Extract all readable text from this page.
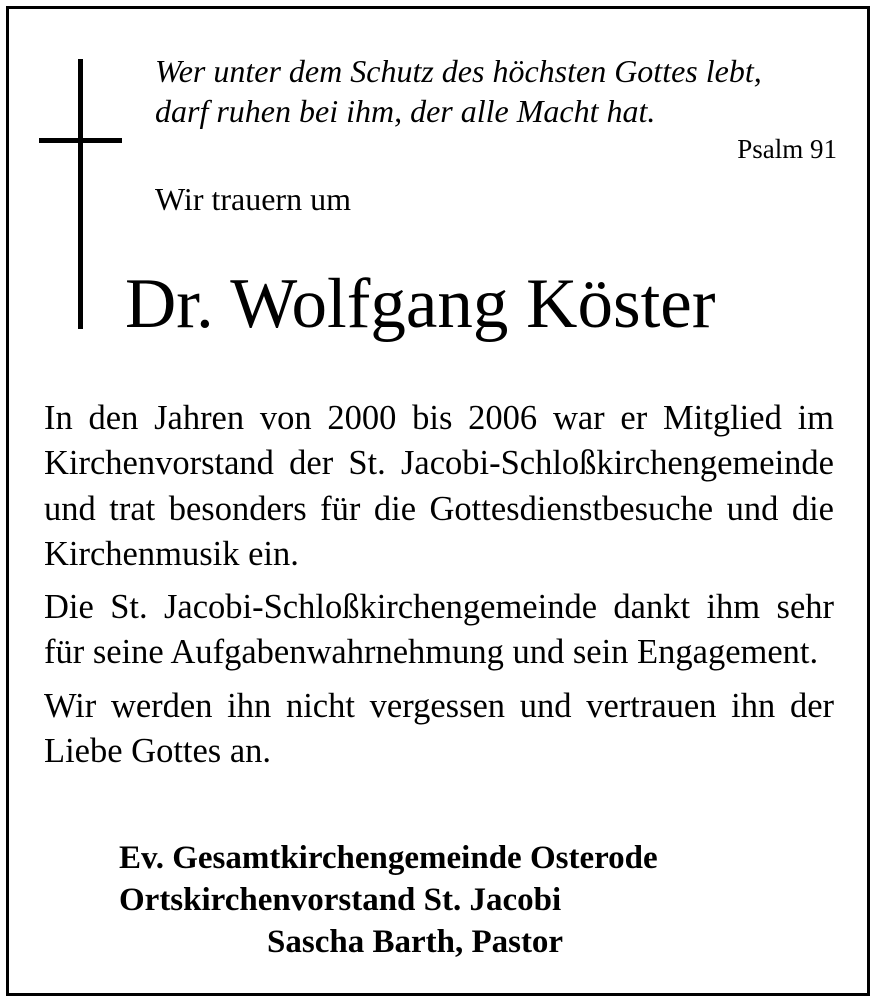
Wer unter dem Schutz des höchsten Gottes lebt,
darf ruhen bei ihm, der alle Macht hat.
Psalm 91
Wir trauern um
Dr. Wolfgang Köster

In den Jahren von 2000 bis 2006 war er Mitglied im Kirchenvorstand der St. Jacobi-Schloßkirchengemeinde und trat besonders für die Gottesdienstbesuche und die Kirchenmusik ein.

Die St. Jacobi-Schloßkirchengemeinde dankt ihm sehr für seine Aufgabenwahrnehmung und sein Engagement.

Wir werden ihn nicht vergessen und vertrauen ihn der Liebe Gottes an.

Ev. Gesamtkirchengemeinde Osterode
Ortskirchenvorstand St. Jacobi
Sascha Barth, Pastor
